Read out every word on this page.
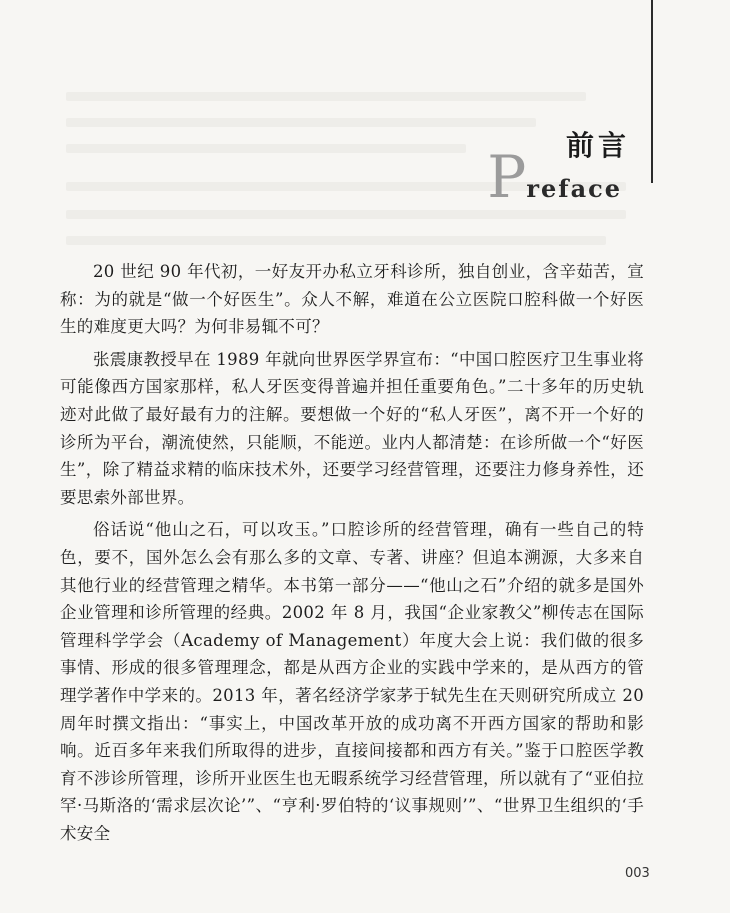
前言

Preface

20 世纪 90 年代初，一好友开办私立牙科诊所，独自创业，含辛茹苦，宣称：为的就是“做一个好医生”。众人不解，难道在公立医院口腔科做一个好医生的难度更大吗？为何非易辄不可？

张震康教授早在 1989 年就向世界医学界宣布：“中国口腔医疗卫生事业将可能像西方国家那样，私人牙医变得普遍并担任重要角色。”二十多年的历史轨迹对此做了最好最有力的注解。要想做一个好的“私人牙医”，离不开一个好的诊所为平台，潮流使然，只能顺，不能逆。业内人都清楚：在诊所做一个“好医生”，除了精益求精的临床技术外，还要学习经营管理，还要注力修身养性，还要思索外部世界。

俗话说“他山之石，可以攻玉。”口腔诊所的经营管理，确有一些自己的特色，要不，国外怎么会有那么多的文章、专著、讲座？但追本溯源，大多来自其他行业的经营管理之精华。本书第一部分——“他山之石”介绍的就多是国外企业管理和诊所管理的经典。2002 年 8 月，我国“企业家教父”柳传志在国际管理科学学会（Academy of Management）年度大会上说：我们做的很多事情、形成的很多管理理念，都是从西方企业的实践中学来的，是从西方的管理学著作中学来的。2013 年，著名经济学家茅于轼先生在天则研究所成立 20 周年时撰文指出：“事实上，中国改革开放的成功离不开西方国家的帮助和影响。近百多年来我们所取得的进步，直接间接都和西方有关。”鉴于口腔医学教育不涉诊所管理，诊所开业医生也无暇系统学习经营管理，所以就有了“亚伯拉罕·马斯洛的‘需求层次论’”、“亨利·罗伯特的‘议事规则’”、“世界卫生组织的‘手术安全

003
